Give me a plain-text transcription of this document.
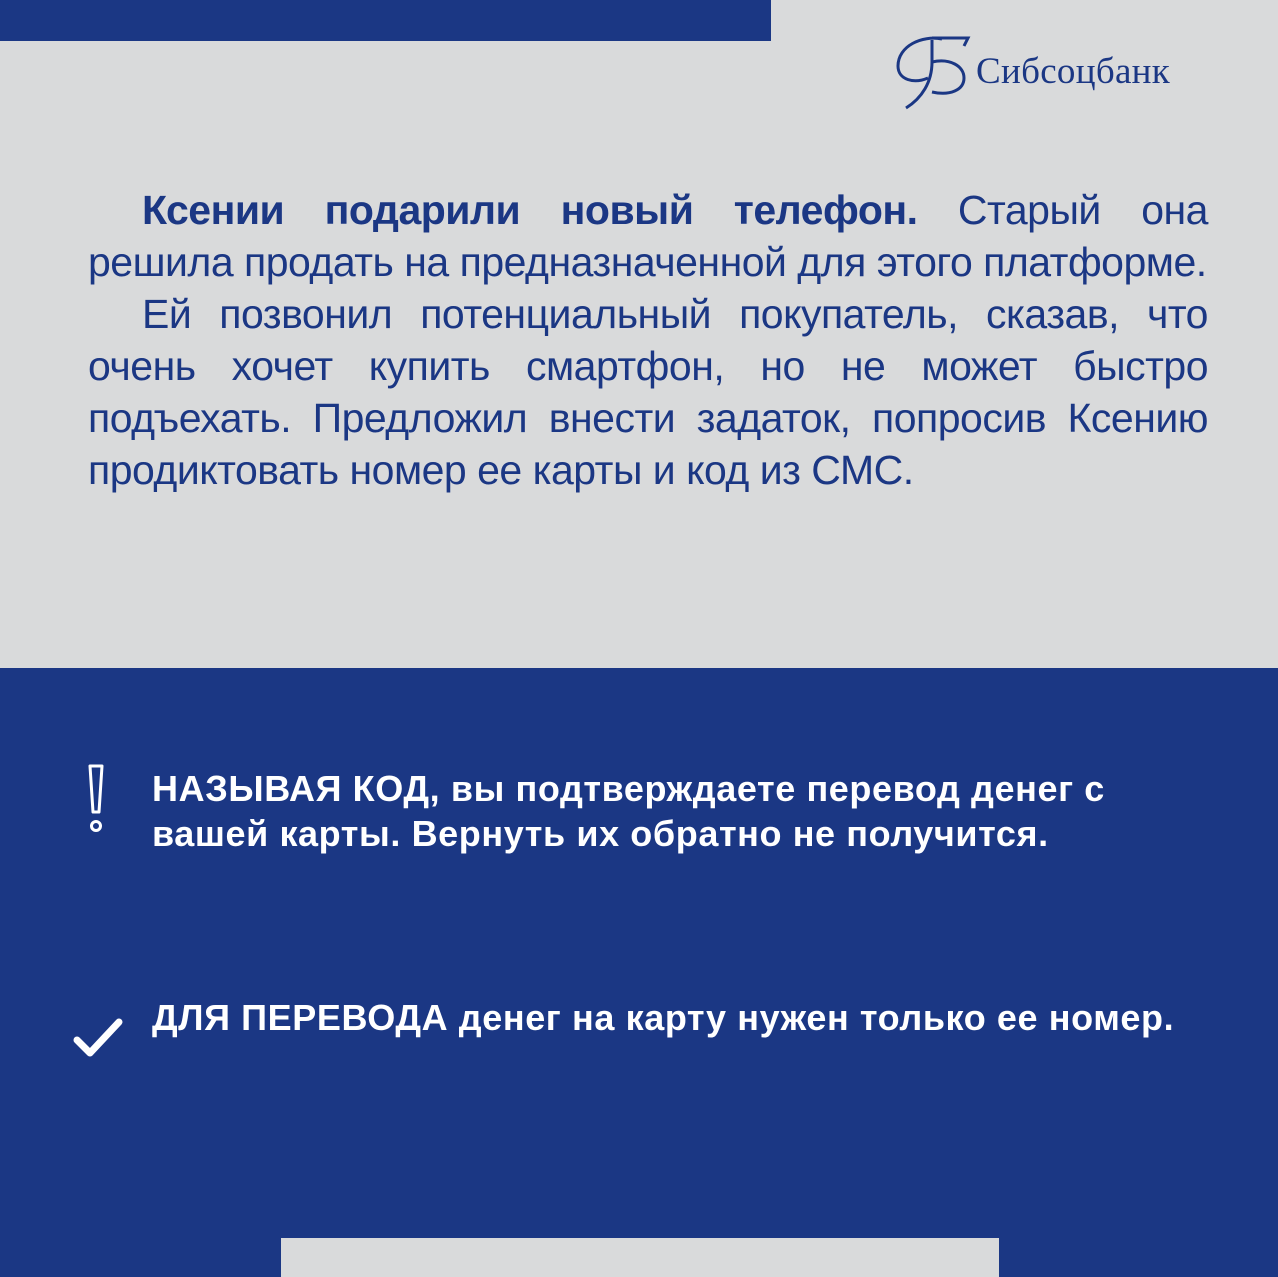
Сибсоцбанк

Ксении подарили новый телефон. Старый она решила продать на предназначенной для этого платформе.

Ей позвонил потенциальный покупатель, сказав, что очень хочет купить смартфон, но не может быстро подъехать. Предложил внести задаток, попросив Ксению продиктовать номер ее карты и код из СМС.

НАЗЫВАЯ КОД, вы подтверждаете перевод денег с вашей карты. Вернуть их обратно не получится.
ДЛЯ ПЕРЕВОДА денег на карту нужен только ее номер.
